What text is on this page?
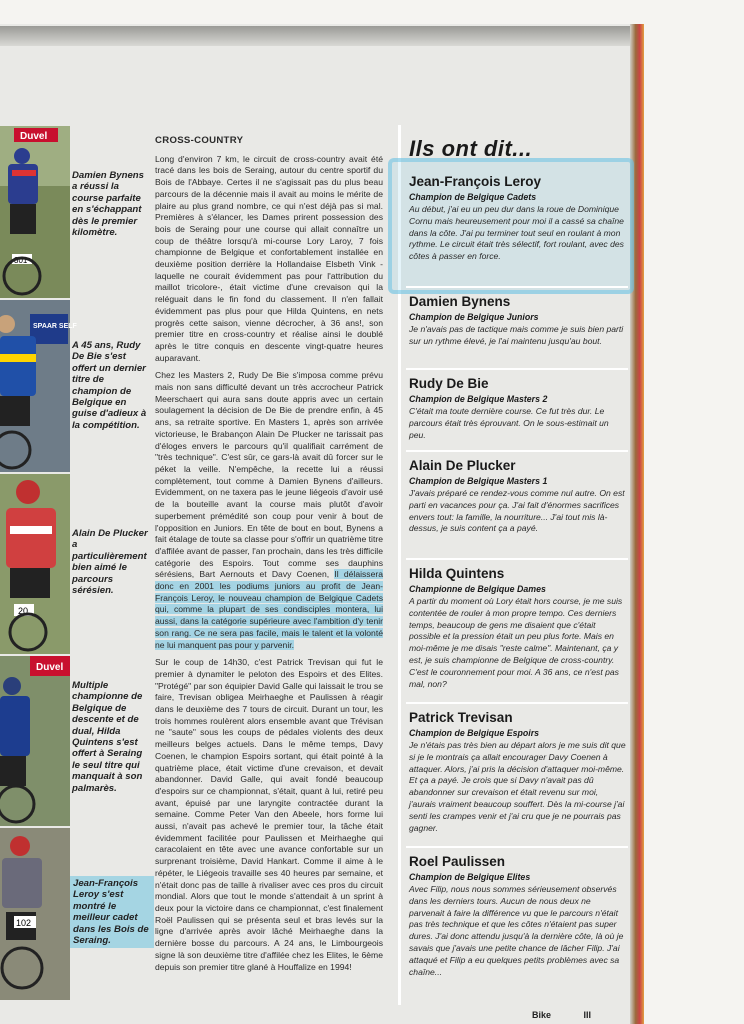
Duvel
301
SPAAR SELF
20
Duvel
102
Damien Bynens a réussi la course parfaite en s'échappant dès le premier kilomètre.
A 45 ans, Rudy De Bie s'est offert un dernier titre de champion de Belgique en guise d'adieux à la compétition.
Alain De Plucker a particulièrement bien aimé le parcours sérésien.
Multiple championne de Belgique de descente et de dual, Hilda Quintens s'est offert à Seraing le seul titre qui manquait à son palmarès.
Jean-François Leroy s'est montré le meilleur cadet dans les Bois de Seraing.
CROSS-COUNTRY

Long d'environ 7 km, le circuit de cross-country avait été tracé dans les bois de Seraing, autour du centre sportif du Bois de l'Abbaye. Certes il ne s'agissait pas du plus beau parcours de la décennie mais il avait au moins le mérite de plaire au plus grand nombre, ce qui n'est déjà pas si mal. Premières à s'élancer, les Dames prirent possession des bois de Seraing pour une course qui allait connaître un coup de théâtre lorsqu'à mi-course Lory Laroy, 7 fois championne de Belgique et confortablement installée en deuxième position derrière la Hollandaise Elsbeth Vink - laquelle ne courait évidemment pas pour l'attribution du maillot tricolore-, était victime d'une crevaison qui la reléguait dans le fin fond du classement. Il n'en fallait évidemment pas plus pour que Hilda Quintens, en nets progrès cette saison, vienne décrocher, à 36 ans!, son premier titre en cross-country et réalise ainsi le doublé après le titre conquis en descente vingt-quatre heures auparavant.

Chez les Masters 2, Rudy De Bie s'imposa comme prévu mais non sans difficulté devant un très accrocheur Patrick Meerschaert qui aura sans doute appris avec un certain soulagement la décision de De Bie de prendre enfin, à 45 ans, sa retraite sportive. En Masters 1, après son arrivée victorieuse, le Brabançon Alain De Plucker ne tarissait pas d'éloges envers le parcours qu'il qualifiait carrément de "très technique". C'est sûr, ce gars-là avait dû forcer sur le péket la veille. N'empêche, la recette lui a réussi complètement, tout comme à Damien Bynens d'ailleurs. Evidemment, on ne taxera pas le jeune liégeois d'avoir usé de la bouteille avant la course mais plutôt d'avoir superbement prémédité son coup pour venir à bout de l'opposition en Juniors. En tête de bout en bout, Bynens a fait étalage de toute sa classe pour s'offrir un quatrième titre d'affilée avant de passer, l'an prochain, dans les très difficile catégorie des Espoirs. Tout comme ses dauphins sérésiens, Bart Aernouts et Davy Coenen, Il délaissera donc en 2001 les podiums juniors au profit de Jean-François Leroy, le nouveau champion de Belgique Cadets qui, comme la plupart de ses condisciples montera, lui aussi, dans la catégorie supérieure avec l'ambition d'y tenir son rang. Ce ne sera pas facile, mais le talent et la volonté ne lui manquent pas pour y parvenir.

Sur le coup de 14h30, c'est Patrick Trevisan qui fut le premier à dynamiter le peloton des Espoirs et des Elites. "Protégé" par son équipier David Galle qui laissait le trou se faire, Trevisan obligea Meirhaeghe et Paulissen à réagir dans le deuxième des 7 tours de circuit. Durant un tour, les trois hommes roulèrent alors ensemble avant que Trévisan ne "saute" sous les coups de pédales violents des deux meilleurs belges actuels. Dans le même temps, Davy Coenen, le champion Espoirs sortant, qui était pointé à la quatrième place, était victime d'une crevaison, et devait abandonner. David Galle, qui avait fondé beaucoup d'espoirs sur ce championnat, s'était, quant à lui, retiré peu avant, épuisé par une laryngite contractée durant la semaine. Comme Peter Van den Abeele, hors forme lui aussi, n'avait pas achevé le premier tour, la tâche était évidemment facilitée pour Paulissen et Meirhaeghe qui caracolaient en tête avec une avance confortable sur un surprenant troisième, David Hankart. Comme il aime à le répéter, le Liégeois travaille ses 40 heures par semaine, et n'était donc pas de taille à rivaliser avec ces pros du circuit mondial. Alors que tout le monde s'attendait à un sprint à deux pour la victoire dans ce championnat, c'est finalement Roël Paulissen qui se présenta seul et bras levés sur la ligne d'arrivée après avoir lâché Meirhaeghe dans la dernière bosse du parcours. A 24 ans, le Limbourgeois signe là son deuxième titre d'affilée chez les Elites, le 6ème depuis son premier titre glané à Houffalize en 1994!

Ils ont dit...
Jean-François Leroy
Champion de Belgique Cadets
Au début, j'ai eu un peu dur dans la roue de Dominique Cornu mais heureusement pour moi il a cassé sa chaîne dans la côte. J'ai pu terminer tout seul en roulant à mon rythme. Le circuit était très sélectif, fort roulant, avec des côtes à passer en force.
Damien Bynens
Champion de Belgique Juniors
Je n'avais pas de tactique mais comme je suis bien parti sur un rythme élevé, je l'ai maintenu jusqu'au bout.
Rudy De Bie
Champion de Belgique Masters 2
C'était ma toute dernière course. Ce fut très dur. Le parcours était très éprouvant. On le sous-estimait un peu.
Alain De Plucker
Champion de Belgique Masters 1
J'avais préparé ce rendez-vous comme nul autre. On est parti en vacances pour ça. J'ai fait d'énormes sacrifices envers tout: la famille, la nourriture... J'ai tout mis là-dessus, je suis content ça a payé.
Hilda Quintens
Championne de Belgique Dames
A partir du moment où Lory était hors course, je me suis contentée de rouler à mon propre tempo. Ces derniers temps, beaucoup de gens me disaient que c'était possible et la pression était un peu plus forte. Mais en moi-même je me disais "reste calme". Maintenant, ça y est, je suis championne de Belgique de cross-country. C'est le couronnement pour moi. A 36 ans, ce n'est pas mal, non?
Patrick Trevisan
Champion de Belgique Espoirs
Je n'étais pas très bien au départ alors je me suis dit que si je le montrais ça allait encourager Davy Coenen à attaquer. Alors, j'ai pris la décision d'attaquer moi-même. Et ça a payé. Je crois que si Davy n'avait pas dû abandonner sur crevaison et était revenu sur moi, j'aurais vraiment beaucoup souffert. Dès la mi-course j'ai senti les crampes venir et j'ai cru que je ne pourrais pas gagner.
Roel Paulissen
Champion de Belgique Elites
Avec Filip, nous nous sommes sérieusement observés dans les derniers tours. Aucun de nous deux ne parvenait à faire la différence vu que le parcours n'était pas très technique et que les côtes n'étaient pas super dures. J'ai donc attendu jusqu'à la dernière côte, là où je savais que j'avais une petite chance de lâcher Filip. J'ai attaqué et Filip a eu quelques petits problèmes avec sa chaîne...
Bike	III
